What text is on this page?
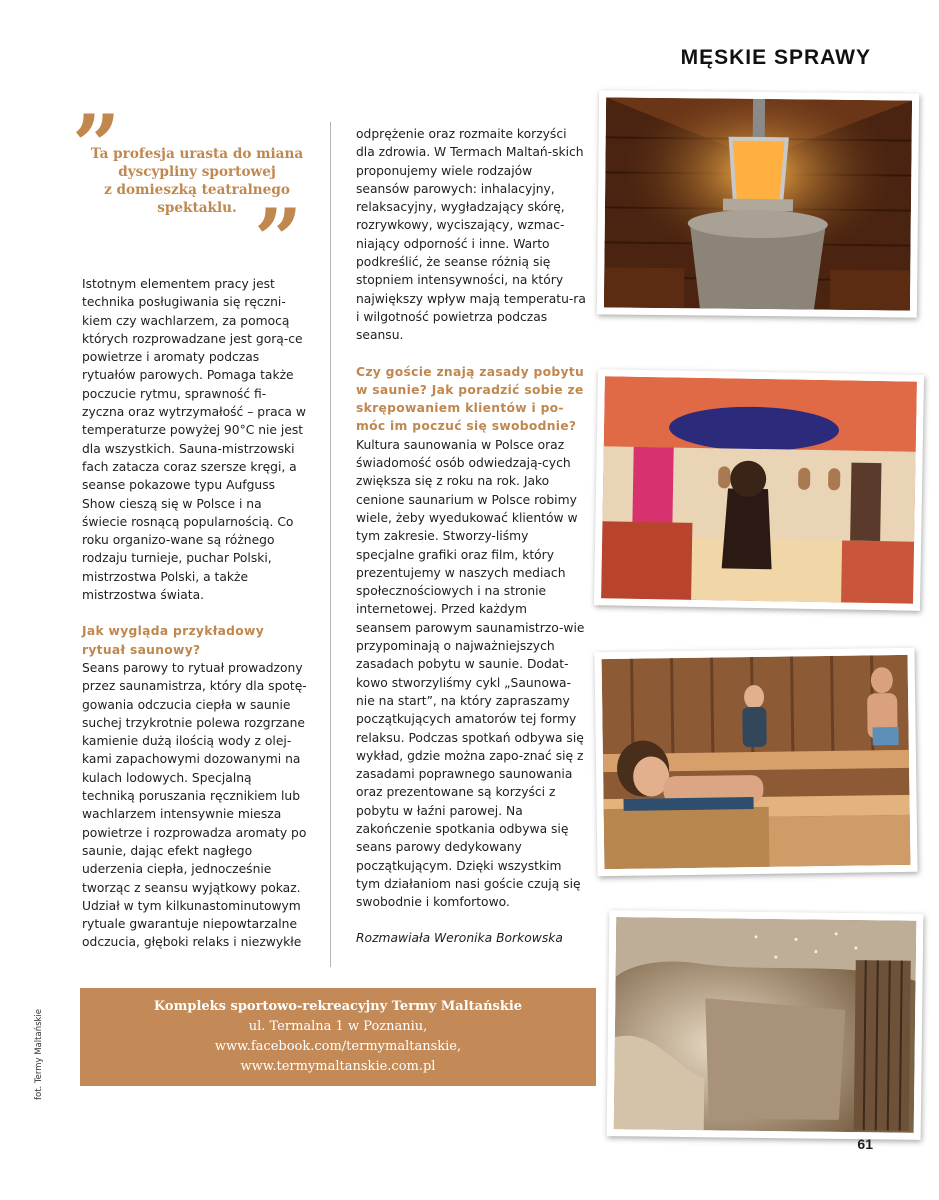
MĘSKIE SPRAWY
”
Ta profesja urasta do miana
dyscypliny sportowej
z domieszką teatralnego
spektaklu. ”

Istotnym elementem pracy jest technika posługiwania się ręczni-kiem czy wachlarzem, za pomocą których rozprowadzane jest gorą-ce powietrze i aromaty podczas rytuałów parowych. Pomaga także poczucie rytmu, sprawność fi-zyczna oraz wytrzymałość – praca w temperaturze powyżej 90°C nie jest dla wszystkich. Sauna-mistrzowski fach zatacza coraz szersze kręgi, a seanse pokazowe typu Aufguss Show cieszą się w Polsce i na świecie rosnącą popularnością. Co roku organizo-wane są różnego rodzaju turnieje, puchar Polski, mistrzostwa Polski, a także mistrzostwa świata.

Jak wygląda przykładowy rytuał saunowy?

Seans parowy to rytuał prowadzony przez saunamistrza, który dla spotę-gowania odczucia ciepła w saunie suchej trzykrotnie polewa rozgrzane kamienie dużą ilością wody z olej-kami zapachowymi dozowanymi na kulach lodowych. Specjalną techniką poruszania ręcznikiem lub wachlarzem intensywnie miesza powietrze i rozprowadza aromaty po saunie, dając efekt nagłego uderzenia ciepła, jednocześnie tworząc z seansu wyjątkowy pokaz. Udział w tym kilkunastominutowym rytuale gwarantuje niepowtarzalne odczucia, głęboki relaks i niezwykłe

odprężenie oraz rozmaite korzyści dla zdrowia. W Termach Maltań-skich proponujemy wiele rodzajów seansów parowych: inhalacyjny, relaksacyjny, wygładzający skórę, rozrywkowy, wyciszający, wzmac-niający odporność i inne. Warto podkreślić, że seanse różnią się stopniem intensywności, na który największy wpływ mają temperatu-ra i wilgotność powietrza podczas seansu.

Czy goście znają zasady pobytu w saunie? Jak poradzić sobie ze skrępowaniem klientów i po-móc im poczuć się swobodnie?

Kultura saunowania w Polsce oraz świadomość osób odwiedzają-cych zwiększa się z roku na rok. Jako cenione saunarium w Polsce robimy wiele, żeby wyedukować klientów w tym zakresie. Stworzy-liśmy specjalne grafiki oraz film, który prezentujemy w naszych mediach społecznościowych i na stronie internetowej. Przed każdym seansem parowym saunamistrzo-wie przypominają o najważniejszych zasadach pobytu w saunie. Dodat-kowo stworzyliśmy cykl „Saunowa-nie na start”, na który zapraszamy początkujących amatorów tej formy relaksu. Podczas spotkań odbywa się wykład, gdzie można zapo-znać się z zasadami poprawnego saunowania oraz prezentowane są korzyści z pobytu w łaźni parowej. Na zakończenie spotkania odbywa się seans parowy dedykowany początkującym. Dzięki wszystkim tym działaniom nasi goście czują się swobodnie i komfortowo.

Rozmawiała Weronika Borkowska

Kompleks sportowo-rekreacyjny Termy Maltańskie
ul. Termalna 1 w Poznaniu,
www.facebook.com/termymaltanskie,
www.termymaltanskie.com.pl
fot. Termy Maltańskie
61
